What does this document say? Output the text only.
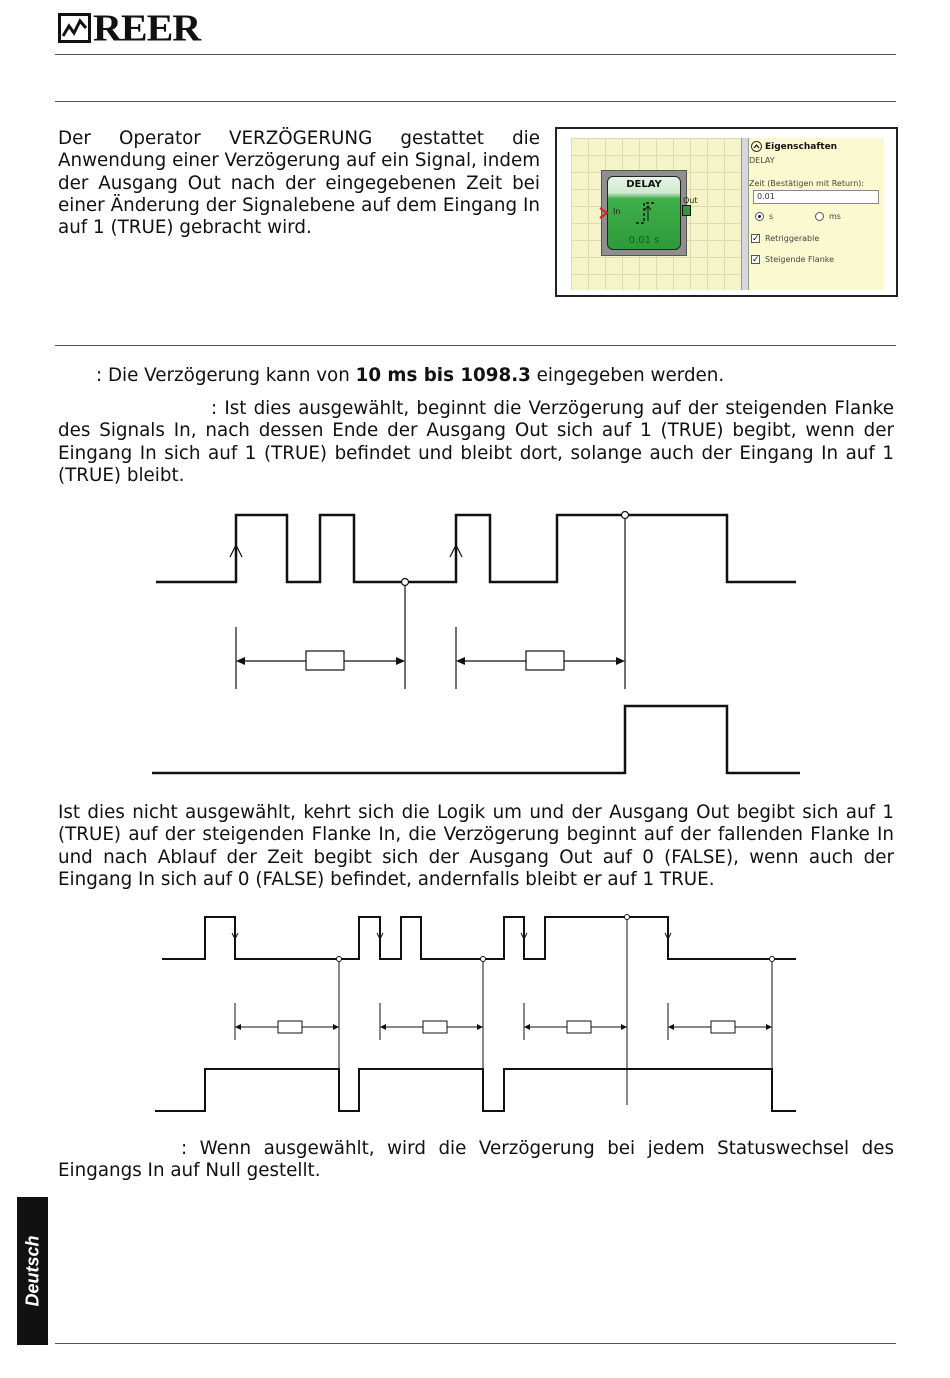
REER

Der Operator VERZÖGERUNG gestattet die Anwendung einer Verzögerung auf ein Signal, indem der Ausgang Out nach der eingegebenen Zeit bei einer Änderung der Signalebene auf dem Eingang In auf 1 (TRUE) gebracht wird.

DELAY
0.01 s
In
Out
Eigenschaften
DELAY
Zeit (Bestätigen mit Return):
0.01
s	ms
✓ Retriggerable
✓ Steigende Flanke

: Die Verzögerung kann von 10 ms bis 1098.3 eingegeben werden.

: Ist dies ausgewählt, beginnt die Verzögerung auf der steigenden Flanke des Signals In, nach dessen Ende der Ausgang Out sich auf 1 (TRUE) begibt, wenn der Eingang In sich auf 1 (TRUE) befindet und bleibt dort, solange auch der Eingang In auf 1 (TRUE) bleibt.

Ist dies nicht ausgewählt, kehrt sich die Logik um und der Ausgang Out begibt sich auf 1 (TRUE) auf der steigenden Flanke In, die Verzögerung beginnt auf der fallenden Flanke In und nach Ablauf der Zeit begibt sich der Ausgang Out auf 0 (FALSE), wenn auch der Eingang In sich auf 0 (FALSE) befindet, andernfalls bleibt er auf 1 TRUE.

: Wenn ausgewählt, wird die Verzögerung bei jedem Statuswechsel des Eingangs In auf Null gestellt.

Deutsch
